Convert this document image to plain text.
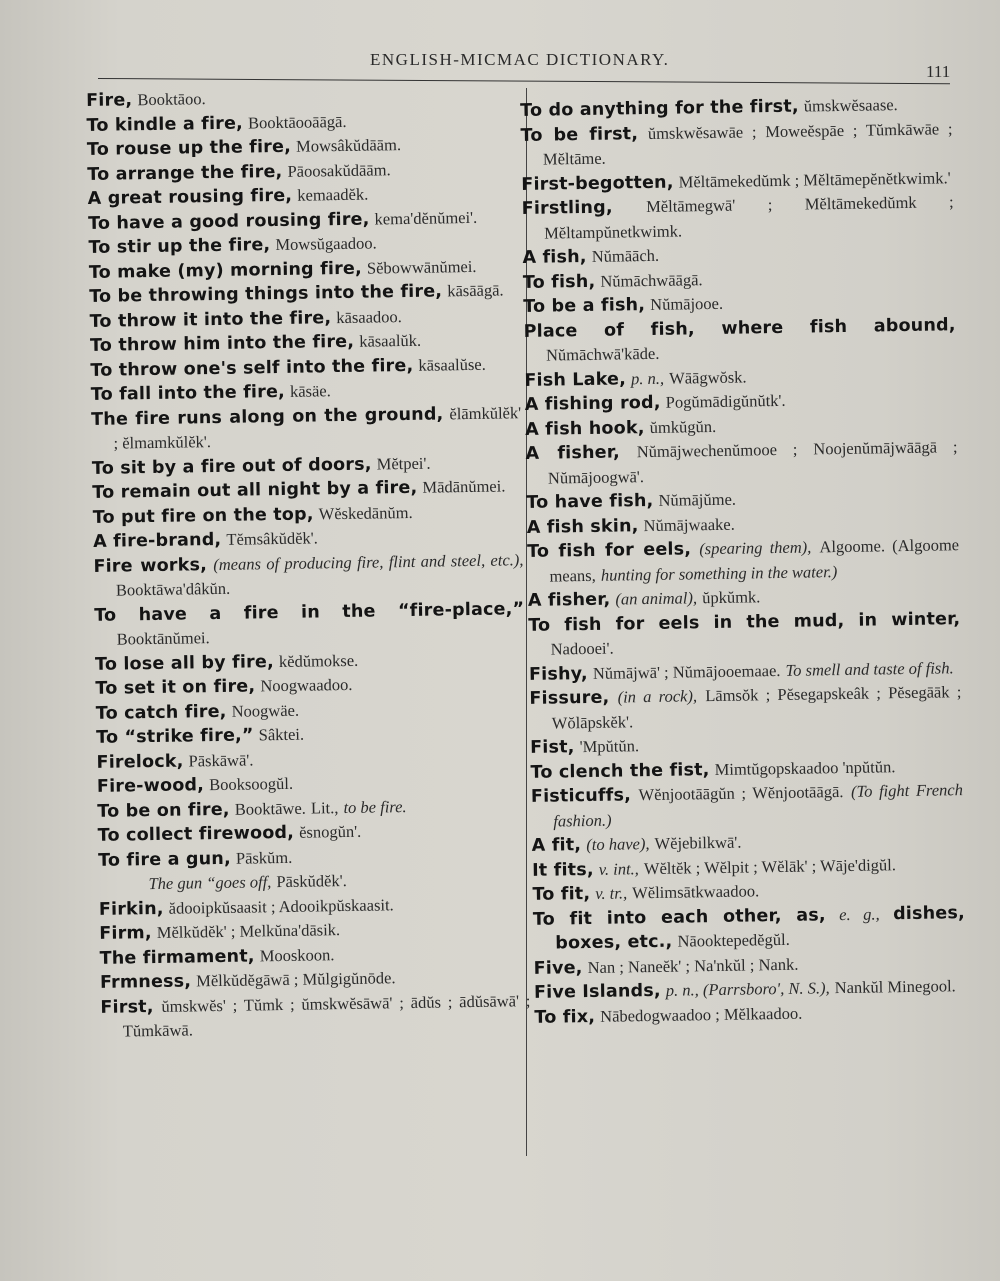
ENGLISH-MICMAC DICTIONARY.
111

Fire, Booktāoo.

To kindle a fire, Booktāooāāgā.

To rouse up the fire, Mowsâkŭdāām.

To arrange the fire, Pāoosakŭdāām.

A great rousing fire, kemaadĕk.

To have a good rousing fire, kema'dĕnŭmei'.

To stir up the fire, Mowsŭgaadoo.

To make (my) morning fire, Sĕbowwānŭmei.

To be throwing things into the fire, kāsāāgā.

To throw it into the fire, kāsaadoo.

To throw him into the fire, kāsaalŭk.

To throw one's self into the fire, kāsaalŭse.

To fall into the fire, kāsäe.

The fire runs along on the ground, ĕlāmkŭlĕk' ; ĕlmamkŭlĕk'.

To sit by a fire out of doors, Mĕtpei'.

To remain out all night by a fire, Mādānŭmei.

To put fire on the top, Wĕskedānŭm.

A fire-brand, Tĕmsâkŭdĕk'.

Fire works, (means of producing fire, flint and steel, etc.), Booktāwa'dâkŭn.

To have a fire in the “fire-place,” Booktānŭmei.

To lose all by fire, kĕdŭmokse.

To set it on fire, Noogwaadoo.

To catch fire, Noogwäe.

To “strike fire,” Sâktei.

Firelock, Pāskāwā'.

Fire-wood, Booksoogŭl.

To be on fire, Booktāwe. Lit., to be fire.

To collect firewood, ĕsnogŭn'.

To fire a gun, Pāskŭm.

The gun “goes off, Pāskŭdĕk'.

Firkin, ădooipkŭsaasit ; Adooikpŭskaasit.

Firm, Mĕlkŭdĕk' ; Melkŭna'dāsik.

The firmament, Mooskoon.

Frmness, Mĕlkŭdĕgāwā ; Mŭlgigŭnōde.

First, ŭmskwĕs' ; Tŭmk ; ŭmskwĕsāwā' ; ādŭs ; ādŭsāwā' ; Tŭmkāwā.

To do anything for the first, ŭmskwĕsaase.

To be first, ŭmskwĕsawāe ; Moweĕspāe ; Tŭmkāwāe ; Mĕltāme.

First-begotten, Mĕltāmekedŭmk ; Mĕltāmepĕnĕtkwimk.'

Firstling, Mĕltāmegwā' ; Mĕltāmekedŭmk ; Mĕltampŭnetkwimk.

A fish, Nŭmāāch.

To fish, Nŭmāchwāāgā.

To be a fish, Nŭmājooe.

Place of fish, where fish abound, Nŭmāchwā'kāde.

Fish Lake, p. n., Wāāgwŏsk.

A fishing rod, Pogŭmādigŭnŭtk'.

A fish hook, ŭmkŭgŭn.

A fisher, Nŭmājwechenŭmooe ; Noojenŭmājwāāgā ; Nŭmājoogwā'.

To have fish, Nŭmājŭme.

A fish skin, Nŭmājwaake.

To fish for eels, (spearing them), Algoome. (Algoome means, hunting for something in the water.)

A fisher, (an animal), ŭpkŭmk.

To fish for eels in the mud, in winter, Nadooei'.

Fishy, Nŭmājwā' ; Nŭmājooemaae. To smell and taste of fish.

Fissure, (in a rock), Lāmsŏk ; Pĕsegapskeâk ; Pĕsegāāk ; Wŏlāpskĕk'.

Fist, 'Mpŭtŭn.

To clench the fist, Mimtŭgopskaadoo 'npŭtŭn.

Fisticuffs, Wĕnjootāāgŭn ; Wĕnjootāāgā. (To fight French fashion.)

A fit, (to have), Wĕjebilkwā'.

It fits, v. int., Wĕltĕk ; Wĕlpit ; Wĕlāk' ; Wāje'digŭl.

To fit, v. tr., Wĕlimsātkwaadoo.

To fit into each other, as, e. g., dishes, boxes, etc., Nāooktepedĕgŭl.

Five, Nan ; Naneĕk' ; Na'nkŭl ; Nank.

Five Islands, p. n., (Parrsboro', N. S.), Nankŭl Minegool.

To fix, Nābedogwaadoo ; Mĕlkaadoo.
